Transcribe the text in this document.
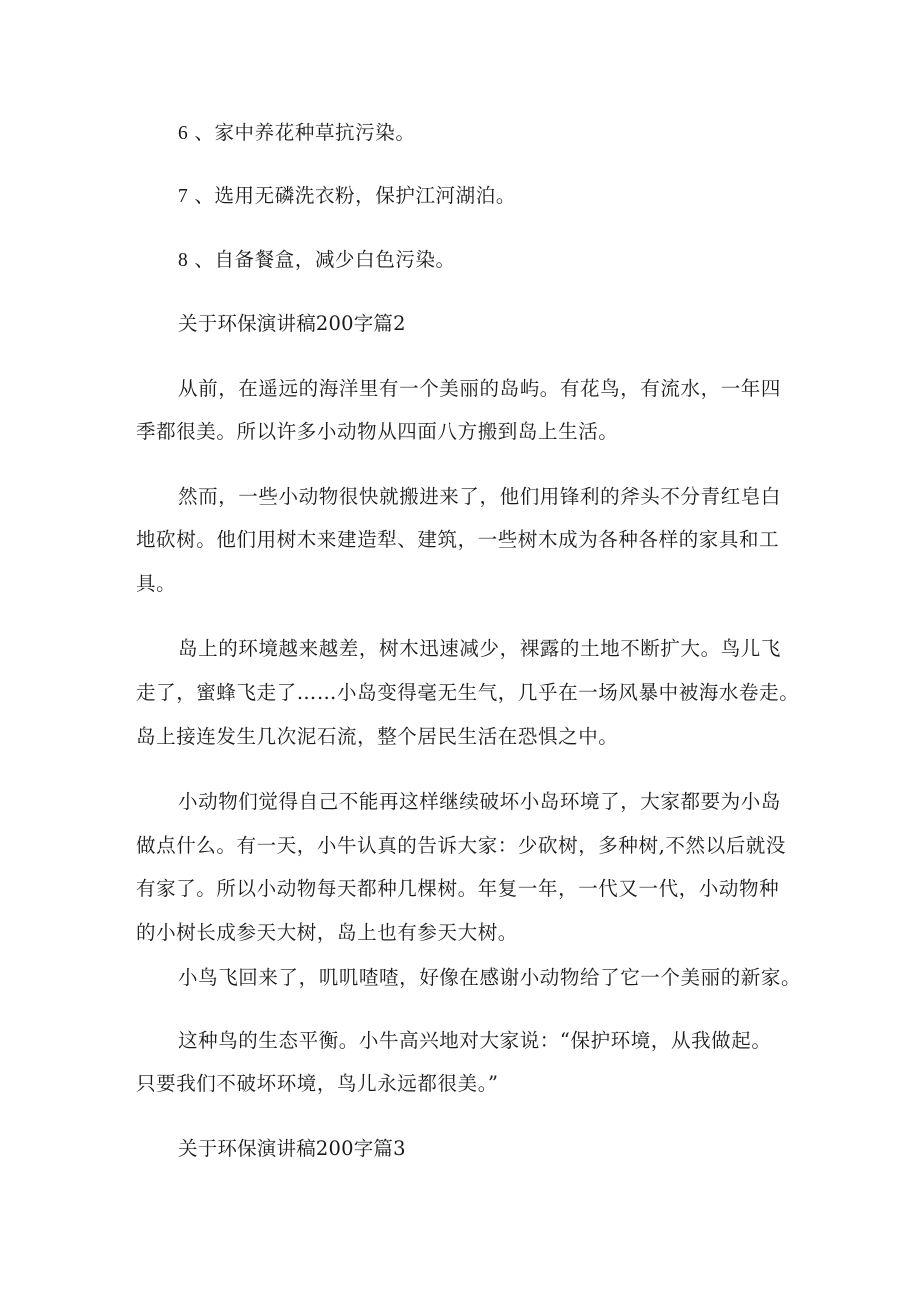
6 、家中养花种草抗污染。

7 、选用无磷洗衣粉，保护江河湖泊。

8 、自备餐盒，减少白色污染。

关于环保演讲稿200字篇2

从前，在遥远的海洋里有一个美丽的岛屿。有花鸟，有流水，一年四

季都很美。所以许多小动物从四面八方搬到岛上生活。

然而，一些小动物很快就搬进来了，他们用锋利的斧头不分青红皂白

地砍树。他们用树木来建造犁、建筑，一些树木成为各种各样的家具和工

具。

岛上的环境越来越差，树木迅速减少，裸露的土地不断扩大。鸟儿飞

走了，蜜蜂飞走了……小岛变得毫无生气，几乎在一场风暴中被海水卷走。

岛上接连发生几次泥石流，整个居民生活在恐惧之中。

小动物们觉得自己不能再这样继续破坏小岛环境了，大家都要为小岛

做点什么。有一天，小牛认真的告诉大家：少砍树，多种树,不然以后就没

有家了。所以小动物每天都种几棵树。年复一年，一代又一代，小动物种

的小树长成参天大树，岛上也有参天大树。

小鸟飞回来了，叽叽喳喳，好像在感谢小动物给了它一个美丽的新家。

这种鸟的生态平衡。小牛高兴地对大家说：“保护环境，从我做起。

只要我们不破坏环境，鸟儿永远都很美。”

关于环保演讲稿200字篇3
